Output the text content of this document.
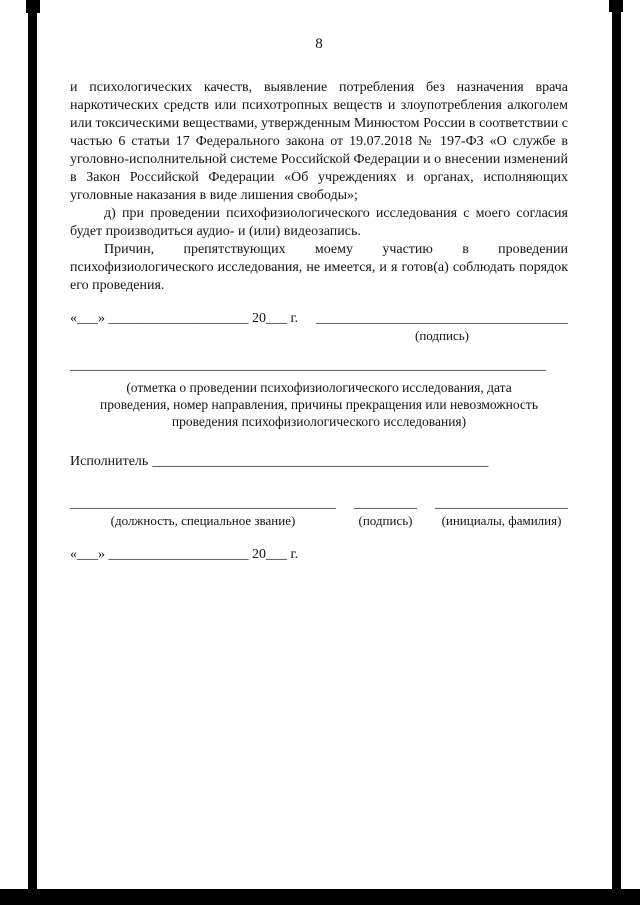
8

и психологических качеств, выявление потребления без назначения врача наркотических средств или психотропных веществ и злоупотребления алкоголем или токсическими веществами, утвержденным Минюстом России в соответствии с частью 6 статьи 17 Федерального закона от 19.07.2018 № 197-ФЗ «О службе в уголовно-исполнительной системе Российской Федерации и о внесении изменений в Закон Российской Федерации «Об учреждениях и органах, исполняющих уголовные наказания в виде лишения свободы»;

д) при проведении психофизиологического исследования с моего согласия будет производиться аудио- и (или) видеозапись.

Причин, препятствующих моему участию в проведении психофизиологического исследования, не имеется, и я готов(а) соблюдать порядок его проведения.

«___» ____________________ 20___ г. ____________________________________
(подпись)
____________________________________________________________________
(отметка о проведении психофизиологического исследования, дата проведения, номер направления, причины прекращения или невозможность проведения психофизиологического исследования)
Исполнитель ________________________________________________
______________________________________
(должность, специальное звание)
_________
(подпись)
___________________
(инициалы, фамилия)
«___» ____________________ 20___ г.
